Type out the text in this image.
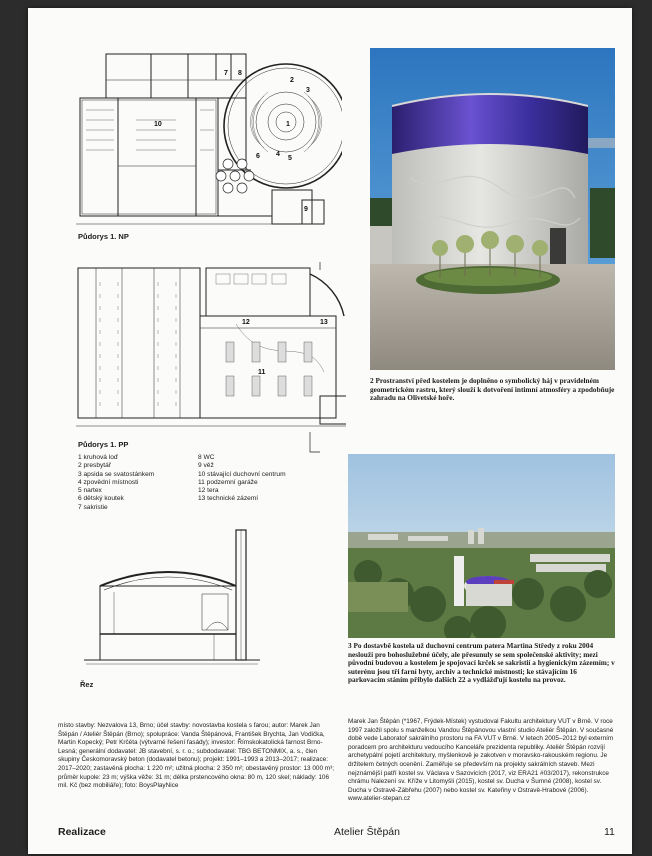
2
3
1
4
5
6
7 8
9
10
Půdorys 1. NP
11
12	13
Půdorys 1. PP
1 kruhová loď
2 presbytář
3 apsida se svatostánkem
4 zpovědní místnosti
5 nartex
6 dětský koutek
7 sakristie
8 WC
9 věž
10 stávající duchovní centrum
11 podzemní garáže
12 tera
13 technické zázemí
Řez
2 Prostranství před kostelem je doplněno o symbolický háj v pravidelném geometrickém rastru, který slouží k dotvoření intimní atmosféry a zpodobňuje zahradu na Olivetské hoře.
3 Po dostavbě kostela už duchovní centrum patera Martina Středy z roku 2004 neslouží pro bohoslužebné účely, ale přesunuly se sem společenské aktivity; mezi původní budovou a kostelem je spojovací krček se sakristií a hygienickým zázemím; v suterénu jsou tři farní byty, archiv a technické místnosti; ke stávajícím 16 parkovacím stáním přibylo dalších 22 a vydlážďují kostelu na provoz.
místo stavby: Nezvalova 13, Brno; účel stavby: novostavba kostela s farou; autor: Marek Jan Štěpán / Ateliér Štěpán (Brno); spolupráce: Vanda Štěpánová, František Brychta, Jan Vodička, Martin Kopecký; Petr Krčéta (výtvarné řešení fasády); investor: Římskokatolická farnost Brno-Lesná; generální dodavatel: JB stavební, s. r. o.; subdodavatel: TBG BETONMIX, a. s., člen skupiny Českomoravský beton (dodavatel betonu); projekt: 1991–1993 a 2013–2017; realizace: 2017–2020; zastavěná plocha: 1 220 m²; užitná plocha: 2 350 m²; obestavěný prostor: 13 000 m³; průměr kupole: 23 m; výška věže: 31 m; délka prstencového okna: 80 m, 120 skel; náklady: 106 mil. Kč (bez mobiliáře); foto: BoysPlayNice
Marek Jan Štěpán (*1967, Frýdek-Místek) vystudoval Fakultu architektury VUT v Brně. V roce 1997 založil spolu s manželkou Vandou Štěpánovou vlastní studio Ateliér Štěpán. V současné době vede Laboratoř sakrálního prostoru na FA VUT v Brně. V letech 2005–2012 byl externím poradcem pro architekturu vedoucího Kanceláře prezidenta republiky. Ateliér Štěpán rozvíjí archetypální pojetí architektury, myšlenkově je zakotven v moravsko-rakouském regionu. Je držitelem četných ocenění. Zaměřuje se především na projekty sakrálních staveb. Mezi nejznámější patří kostel sv. Václava v Sazovicích (2017, viz ERA21 #03/2017), rekonstrukce chrámu Nalezení sv. Kříže v Litomyšli (2015), kostel sv. Ducha v Šumné (2008), kostel sv. Ducha v Ostravě-Zábřehu (2007) nebo kostel sv. Kateřiny v Ostravě-Hrabové (2006). www.atelier-stepan.cz
Realizace	Atelier Štěpán	11
